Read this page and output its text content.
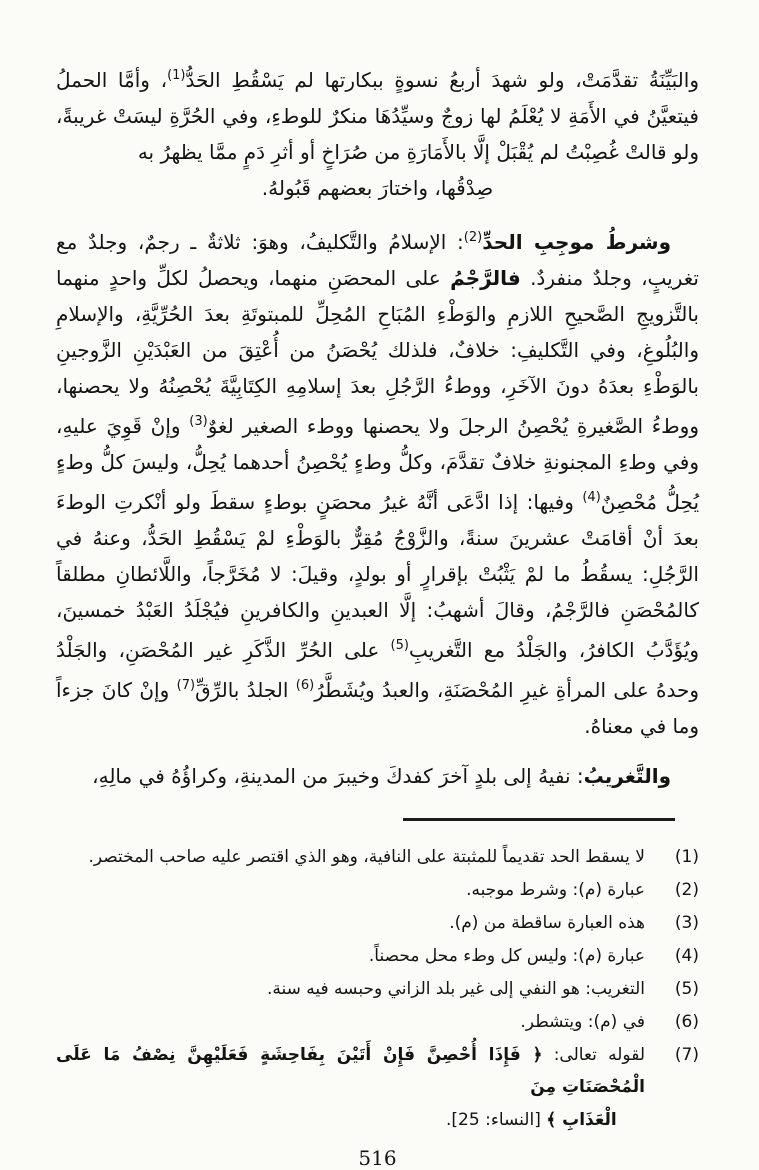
والبَيِّنَةُ تقدَّمَتْ، ولو شهدَ أربعُ نسوةٍ ببكارتها لم يَسْقُطِ الحَدُّ$^{(1)}$، وأمَّا الحملُ فيتعيَّنُ في الأَمَةِ لا يُعْلَمُ لها زوجٌ وسيِّدُهَا منكرٌ للوطءِ، وفي الحُرَّةِ ليسَتْ غريبةً، ولو قالتْ غُصِبْتُ لم يُقْبَلْ إلَّا بالأَمَارَةِ من صُرَاخٍ أو أثرِ دَمٍ ممَّا يظهرُ به

صِدْقُها، واختارَ بعضهم قَبُولهُ.

وشرطُ موجِبِ الحدِّ$^{(2)}$: الإسلامُ والتَّكليفُ، وهوَ: ثلاثةٌ ـ رجمٌ، وجلدٌ مع تغريبٍ، وجلدٌ منفردٌ. فالرَّجْمُ على المحصَنِ منهما، ويحصلُ لكلِّ واحدٍ منهما بالتَّزويجِ الصَّحيحِ اللازمِ والوَطْءِ المُبَاحِ المُحِلِّ للمبتوتَةِ بعدَ الحُرِّيَّةِ، والإسلامِ والبُلُوغِ، وفي التَّكليفِ: خلافٌ، فلذلك يُحْصَنُ من أُعْتِقَ من العَبْدَيْنِ الزَّوجينِ بالوَطْءِ بعدَهُ دونَ الآخَرِ، ووطءُ الرَّجُلِ بعدَ إسلامِهِ الكِتَابِيَّةَ يُحْصِنُهُ ولا يحصنها، ووطءُ الصَّغيرةِ يُحْصِنُ الرجلَ ولا يحصنها ووطء الصغير لغوٌ$^{(3)}$ وإنْ قَوِيَ عليهِ، وفي وطءِ المجنونةِ خلافٌ تقدَّمَ، وكلُّ وطءٍ يُحْصِنُ أحدهما يُحِلُّ، وليسَ كلُّ وطءٍ يُحِلُّ مُحْصِنٌ$^{(4)}$ وفيها: إذا ادَّعَى أنَّهُ غيرُ محصَنٍ بوطءٍ سقطَ ولو أنْكرتِ الوطءَ بعدَ أنْ أقامَتْ عشرينَ سنةً، والزَّوْجُ مُقِرٌّ بالوَطْءِ لمْ يَسْقُطِ الحَدُّ، وعنهُ في الرَّجُلِ: يسقُطُ ما لمْ يَثْبُتْ بإقرارٍ أو بولدٍ، وقيلَ: لا مُخَرَّجاً، واللَّائطانِ مطلقاً كالمُحْصَنِ فالرَّجْمُ، وقالَ أشهبُ: إلَّا العبدينِ والكافرينِ فيُجْلَدُ العَبْدُ خمسينَ، ويُؤَدَّبُ الكافرُ، والجَلْدُ مع التَّغريبِ$^{(5)}$ على الحُرِّ الذَّكَرِ غير المُحْصَنِ، والجَلْدُ وحدهُ على المرأةِ غيرِ المُحْصَنَةِ، والعبدُ ويُشَطَّرُ$^{(6)}$ الجلدُ بالرِّقِّ$^{(7)}$ وإنْ كانَ جزءاً وما في معناهُ.

والتَّغريبُ: نفيهُ إلى بلدٍ آخرَ كفدكَ وخيبرَ من المدينةِ، وكراؤُهُ في مالِهِ،

(1)
لا يسقط الحد تقديماً للمثبتة على النافية، وهو الذي اقتصر عليه صاحب المختصر.
(2)
عبارة (م): وشرط موجبه.
(3)
هذه العبارة ساقطة من (م).
(4)
عبارة (م): وليس كل وطء محل محصناً.
(5)
التغريب: هو النفي إلى غير بلد الزاني وحبسه فيه سنة.
(6)
في (م): ويتشطر.
(7)
لقوله تعالى: ﴿ فَإِذَا أُحْصِنَّ فَإِنْ أَتَيْنَ بِفَاحِشَةٍ فَعَلَيْهِنَّ نِصْفُ مَا عَلَى الْمُحْصَنَاتِ مِنَ
الْعَذَابِ ﴾ [النساء: 25].
516
